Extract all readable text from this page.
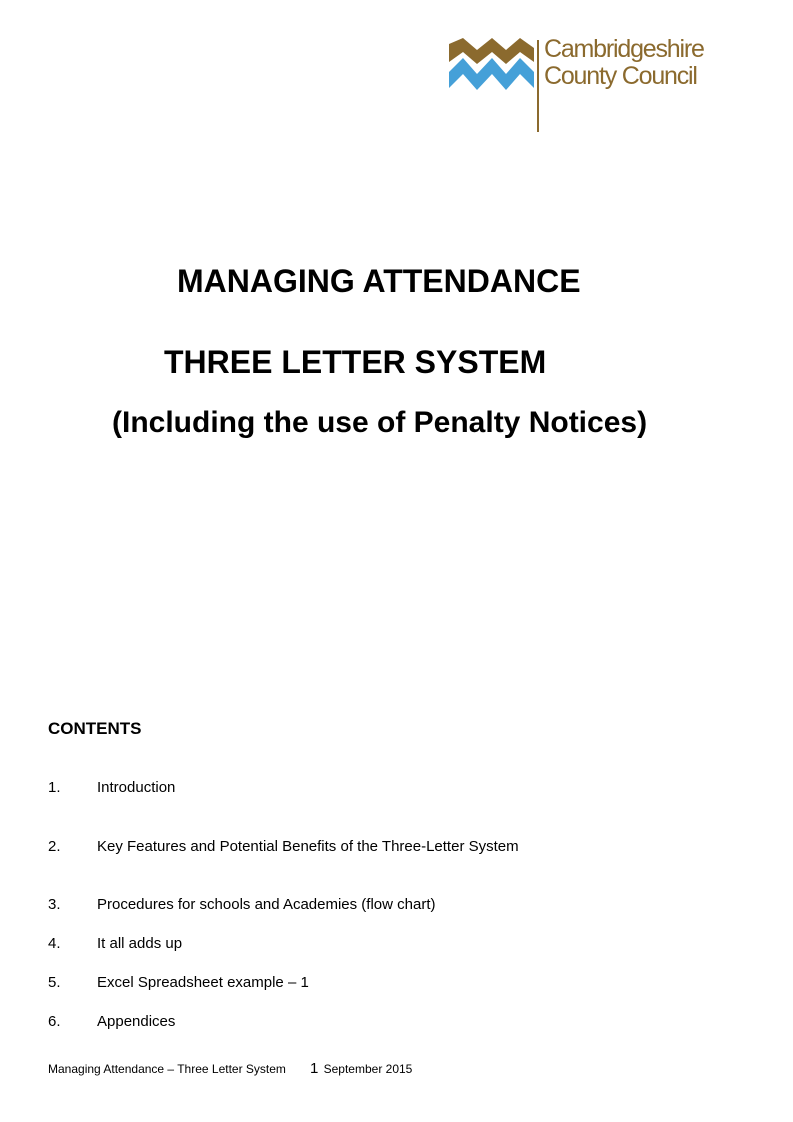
Cambridgeshire
County Council
MANAGING ATTENDANCE
THREE LETTER SYSTEM
(Including the use of Penalty Notices)
CONTENTS
1. Introduction
2. Key Features and Potential Benefits of the Three-Letter System
3. Procedures for schools and Academies (flow chart)
4. It all adds up
5. Excel Spreadsheet example – 1
6. Appendices
Managing Attendance – Three Letter System 1 September 2015
